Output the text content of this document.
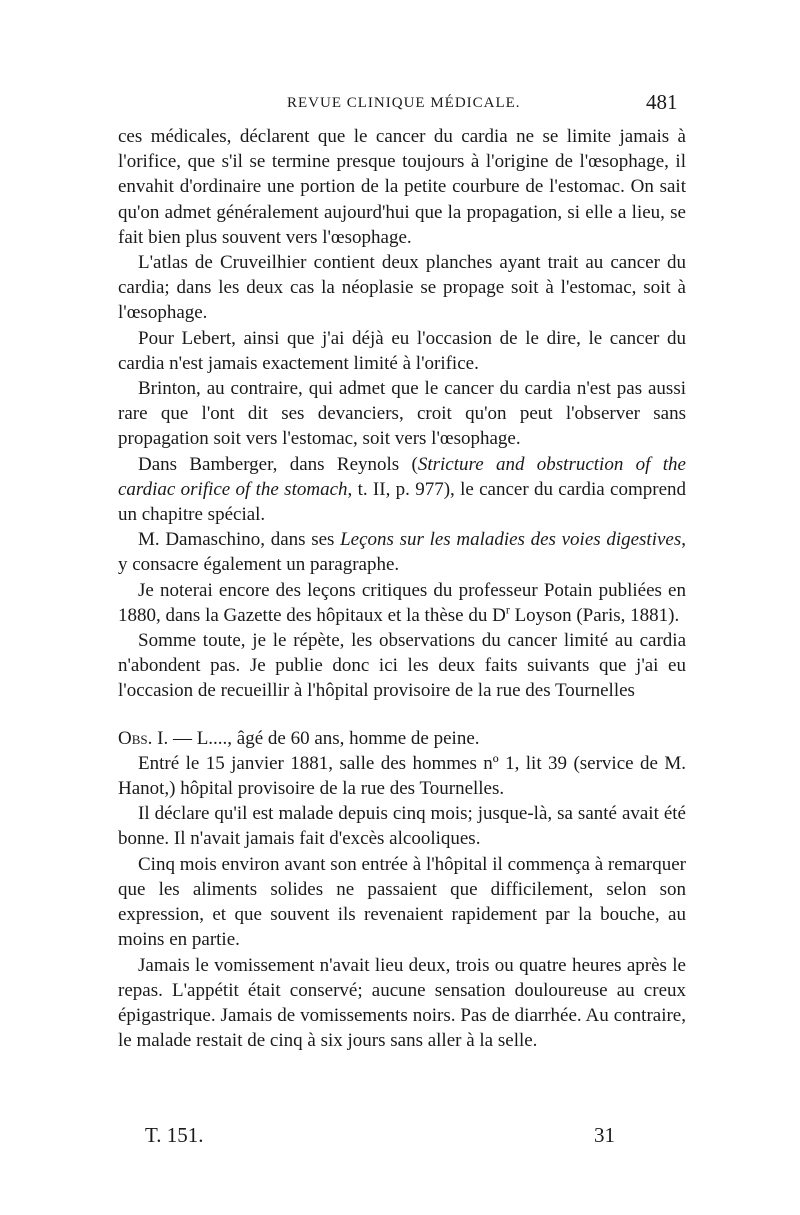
REVUE CLINIQUE MÉDICALE.	481

ces médicales, déclarent que le cancer du cardia ne se limite jamais à l'orifice, que s'il se termine presque toujours à l'origine de l'œsophage, il envahit d'ordinaire une portion de la petite courbure de l'estomac. On sait qu'on admet généralement aujourd'hui que la propagation, si elle a lieu, se fait bien plus souvent vers l'œsophage.

L'atlas de Cruveilhier contient deux planches ayant trait au cancer du cardia; dans les deux cas la néoplasie se propage soit à l'estomac, soit à l'œsophage.

Pour Lebert, ainsi que j'ai déjà eu l'occasion de le dire, le cancer du cardia n'est jamais exactement limité à l'orifice.

Brinton, au contraire, qui admet que le cancer du cardia n'est pas aussi rare que l'ont dit ses devanciers, croit qu'on peut l'observer sans propagation soit vers l'estomac, soit vers l'œsophage.

Dans Bamberger, dans Reynols (Stricture and obstruction of the cardiac orifice of the stomach, t. II, p. 977), le cancer du cardia comprend un chapitre spécial.

M. Damaschino, dans ses Leçons sur les maladies des voies digestives, y consacre également un paragraphe.

Je noterai encore des leçons critiques du professeur Potain publiées en 1880, dans la Gazette des hôpitaux et la thèse du $D^r$ Loyson (Paris, 1881).

Somme toute, je le répète, les observations du cancer limité au cardia n'abondent pas. Je publie donc ici les deux faits suivants que j'ai eu l'occasion de recueillir à l'hôpital provisoire de la rue des Tournelles

Obs. I. — L...., âgé de 60 ans, homme de peine.

Entré le 15 janvier 1881, salle des hommes nº 1, lit 39 (service de M. Hanot,) hôpital provisoire de la rue des Tournelles.

Il déclare qu'il est malade depuis cinq mois; jusque-là, sa santé avait été bonne. Il n'avait jamais fait d'excès alcooliques.

Cinq mois environ avant son entrée à l'hôpital il commença à remarquer que les aliments solides ne passaient que difficilement, selon son expression, et que souvent ils revenaient rapidement par la bouche, au moins en partie.

Jamais le vomissement n'avait lieu deux, trois ou quatre heures après le repas. L'appétit était conservé; aucune sensation douloureuse au creux épigastrique. Jamais de vomissements noirs. Pas de diarrhée. Au contraire, le malade restait de cinq à six jours sans aller à la selle.

T. 151.	31
